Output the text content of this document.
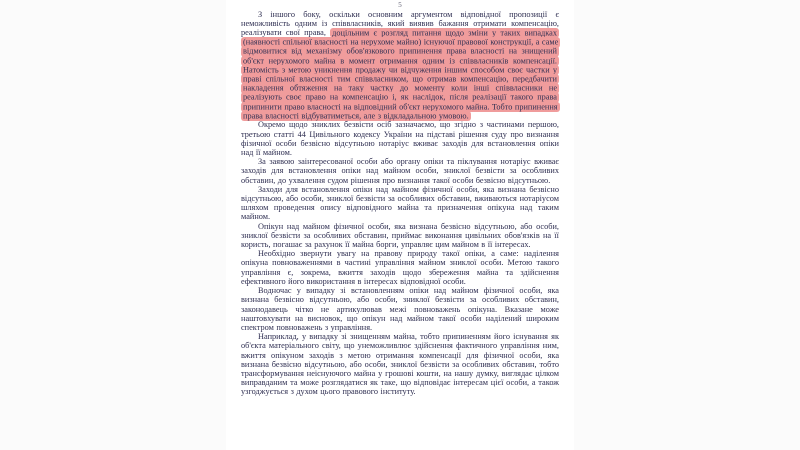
5

З іншого боку, оскільки основним аргументом відповідної пропозиції є неможливість одним із співвласників, який виявив бажання отримати компенсацію, реалізувати свої права, доцільним є розгляд питання щодо зміни у таких випадках (наявності спільної власності на нерухоме майно) існуючої правової конструкції, а саме відмовитися від механізму обов'язкового припинення права власності на знищений об'єкт нерухомого майна в момент отримання одним із співвласників компенсації. Натомість з метою уникнення продажу чи відчуження іншим способом своє частки у праві спільної власності тим співвласником, що отримав компенсацію, передбачити накладення обтяження на таку частку до моменту коли інші співвласники не реалізують своє право на компенсацію і, як наслідок, після реалізації такого права припинити право власності на відповідний об'єкт нерухомого майна. Тобто припинення права власності відбуватиметься, але з відкладальною умовою.

Окремо щодо зниклих безвісти осіб зазначаємо, що згідно з частинами першою, третьою статті 44 Цивільного кодексу України на підставі рішення суду про визнання фізичної особи безвісно відсутньою нотаріус вживає заходів для встановлення опіки над її майном.

За заявою заінтересованої особи або органу опіки та піклування нотаріус вживає заходів для встановлення опіки над майном особи, зниклої безвісти за особливих обставин, до ухвалення судом рішення про визнання такої особи безвісно відсутньою.

Заходи для встановлення опіки над майном фізичної особи, яка визнана безвісно відсутньою, або особи, зниклої безвісти за особливих обставин, вживаються нотаріусом шляхом проведення опису відповідного майна та призначення опікуна над таким майном.

Опікун над майном фізичної особи, яка визнана безвісно відсутньою, або особи, зниклої безвісти за особливих обставин, приймає виконання цивільних обов'язків на її користь, погашає за рахунок її майна борги, управляє цим майном в її інтересах.

Необхідно звернути увагу на правову природу такої опіки, а саме: наділення опікуна повноваженнями в частині управління майном зниклої особи. Метою такого управління є, зокрема, вжиття заходів щодо збереження майна та здійснення ефективного його використання в інтересах відповідної особи.

Водночас у випадку зі встановленням опіки над майном фізичної особи, яка визнана безвісно відсутньою, або особи, зниклої безвісти за особливих обставин, законодавець чітко не артикулював межі повноважень опікуна. Вказане може наштовхувати на висновок, що опікун над майном такої особи наділений широким спектром повноважень з управління.

Наприклад, у випадку зі знищенням майна, тобто припиненням його існування як об'єкта матеріального світу, що унеможливлює здійснення фактичного управління ним, вжиття опікуном заходів з метою отримання компенсації для фізичної особи, яка визнана безвісно відсутньою, або особи, зниклої безвісти за особливих обставин, тобто трансформування неіснуючого майна у грошові кошти, на нашу думку, виглядає цілком виправданим та може розглядатися як таке, що відповідає інтересам цієї особи, а також узгоджується з духом цього правового інституту.
